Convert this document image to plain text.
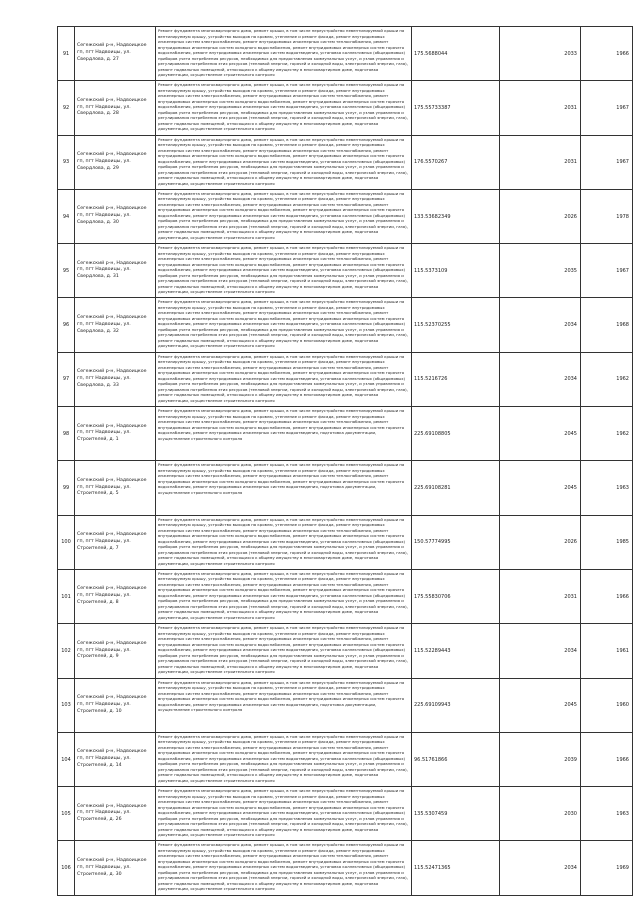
91	Сегежский р-н, Надвоицкое гп, пгт Надвоицы, ул. Свердлова, д. 27	Ремонт фундамента многоквартирного дома, ремонт крыши, в том числе переустройство невентилируемой крыши на вентилируемую крышу, устройство выходов на кровлю, утепление и ремонт фасада, ремонт внутридомовых инженерных систем электроснабжения, ремонт внутридомовых инженерных систем теплоснабжения, ремонт внутридомовых инженерных систем холодного водоснабжения, ремонт внутридомовых инженерных систем горячего водоснабжения, ремонт внутридомовых инженерных систем водоотведения, установка коллективных (общедомовых) приборов учета потребления ресурсов, необходимых для предоставления коммунальных услуг, и узлов управления и регулирования потребления этих ресурсов (тепловой энергии, горячей и холодной воды, электрической энергии, газа), ремонт подвальных помещений, относящихся к общему имуществу в многоквартирном доме, подготовка документации, осуществление строительного контроля	175.5688044	2033	1966
92	Сегежский р-н, Надвоицкое гп, пгт Надвоицы, ул. Свердлова, д. 28	Ремонт фундамента многоквартирного дома, ремонт крыши, в том числе переустройство невентилируемой крыши на вентилируемую крышу, устройство выходов на кровлю, утепление и ремонт фасада, ремонт внутридомовых инженерных систем электроснабжения, ремонт внутридомовых инженерных систем теплоснабжения, ремонт внутридомовых инженерных систем холодного водоснабжения, ремонт внутридомовых инженерных систем горячего водоснабжения, ремонт внутридомовых инженерных систем водоотведения, установка коллективных (общедомовых) приборов учета потребления ресурсов, необходимых для предоставления коммунальных услуг, и узлов управления и регулирования потребления этих ресурсов (тепловой энергии, горячей и холодной воды, электрической энергии, газа), ремонт подвальных помещений, относящихся к общему имуществу в многоквартирном доме, подготовка документации, осуществление строительного контроля	175.55733387	2031	1967
93	Сегежский р-н, Надвоицкое гп, пгт Надвоицы, ул. Свердлова, д. 29	Ремонт фундамента многоквартирного дома, ремонт крыши, в том числе переустройство невентилируемой крыши на вентилируемую крышу, устройство выходов на кровлю, утепление и ремонт фасада, ремонт внутридомовых инженерных систем электроснабжения, ремонт внутридомовых инженерных систем теплоснабжения, ремонт внутридомовых инженерных систем холодного водоснабжения, ремонт внутридомовых инженерных систем горячего водоснабжения, ремонт внутридомовых инженерных систем водоотведения, установка коллективных (общедомовых) приборов учета потребления ресурсов, необходимых для предоставления коммунальных услуг, и узлов управления и регулирования потребления этих ресурсов (тепловой энергии, горячей и холодной воды, электрической энергии, газа), ремонт подвальных помещений, относящихся к общему имуществу в многоквартирном доме, подготовка документации, осуществление строительного контроля	176.5570267	2031	1967
94	Сегежский р-н, Надвоицкое гп, пгт Надвоицы, ул. Свердлова, д. 30	Ремонт фундамента многоквартирного дома, ремонт крыши, в том числе переустройство невентилируемой крыши на вентилируемую крышу, устройство выходов на кровлю, утепление и ремонт фасада, ремонт внутридомовых инженерных систем электроснабжения, ремонт внутридомовых инженерных систем теплоснабжения, ремонт внутридомовых инженерных систем холодного водоснабжения, ремонт внутридомовых инженерных систем горячего водоснабжения, ремонт внутридомовых инженерных систем водоотведения, установка коллективных (общедомовых) приборов учета потребления ресурсов, необходимых для предоставления коммунальных услуг, и узлов управления и регулирования потребления этих ресурсов (тепловой энергии, горячей и холодной воды, электрической энергии, газа), ремонт подвальных помещений, относящихся к общему имуществу в многоквартирном доме, подготовка документации, осуществление строительного контроля	133.53682349	2026	1978
95	Сегежский р-н, Надвоицкое гп, пгт Надвоицы, ул. Свердлова, д. 31	Ремонт фундамента многоквартирного дома, ремонт крыши, в том числе переустройство невентилируемой крыши на вентилируемую крышу, устройство выходов на кровлю, утепление и ремонт фасада, ремонт внутридомовых инженерных систем электроснабжения, ремонт внутридомовых инженерных систем теплоснабжения, ремонт внутридомовых инженерных систем холодного водоснабжения, ремонт внутридомовых инженерных систем горячего водоснабжения, ремонт внутридомовых инженерных систем водоотведения, установка коллективных (общедомовых) приборов учета потребления ресурсов, необходимых для предоставления коммунальных услуг, и узлов управления и регулирования потребления этих ресурсов (тепловой энергии, горячей и холодной воды, электрической энергии, газа), ремонт подвальных помещений, относящихся к общему имуществу в многоквартирном доме, подготовка документации, осуществление строительного контроля	115.5373109	2035	1967
96	Сегежский р-н, Надвоицкое гп, пгт Надвоицы, ул. Свердлова, д. 32	Ремонт фундамента многоквартирного дома, ремонт крыши, в том числе переустройство невентилируемой крыши на вентилируемую крышу, устройство выходов на кровлю, утепление и ремонт фасада, ремонт внутридомовых инженерных систем электроснабжения, ремонт внутридомовых инженерных систем теплоснабжения, ремонт внутридомовых инженерных систем холодного водоснабжения, ремонт внутридомовых инженерных систем горячего водоснабжения, ремонт внутридомовых инженерных систем водоотведения, установка коллективных (общедомовых) приборов учета потребления ресурсов, необходимых для предоставления коммунальных услуг, и узлов управления и регулирования потребления этих ресурсов (тепловой энергии, горячей и холодной воды, электрической энергии, газа), ремонт подвальных помещений, относящихся к общему имуществу в многоквартирном доме, подготовка документации, осуществление строительного контроля	115.52370255	2034	1968
97	Сегежский р-н, Надвоицкое гп, пгт Надвоицы, ул. Свердлова, д. 33	Ремонт фундамента многоквартирного дома, ремонт крыши, в том числе переустройство невентилируемой крыши на вентилируемую крышу, устройство выходов на кровлю, утепление и ремонт фасада, ремонт внутридомовых инженерных систем электроснабжения, ремонт внутридомовых инженерных систем теплоснабжения, ремонт внутридомовых инженерных систем холодного водоснабжения, ремонт внутридомовых инженерных систем горячего водоснабжения, ремонт внутридомовых инженерных систем водоотведения, установка коллективных (общедомовых) приборов учета потребления ресурсов, необходимых для предоставления коммунальных услуг, и узлов управления и регулирования потребления этих ресурсов (тепловой энергии, горячей и холодной воды, электрической энергии, газа), ремонт подвальных помещений, относящихся к общему имуществу в многоквартирном доме, подготовка документации, осуществление строительного контроля	115.5216726	2034	1962
98	Сегежский р-н, Надвоицкое гп, пгт Надвоицы, ул. Строителей, д. 1	Ремонт фундамента многоквартирного дома, ремонт крыши, в том числе переустройство невентилируемой крыши на вентилируемую крышу, устройство выходов на кровлю, утепление и ремонт фасада, ремонт внутридомовых инженерных систем электроснабжения, ремонт внутридомовых инженерных систем теплоснабжения, ремонт внутридомовых инженерных систем холодного водоснабжения, ремонт внутридомовых инженерных систем горячего водоснабжения, ремонт внутридомовых инженерных систем водоотведения, подготовка документации, осуществление строительного контроля	225.69108805	2045	1962
99	Сегежский р-н, Надвоицкое гп, пгт Надвоицы, ул. Строителей, д. 5	Ремонт фундамента многоквартирного дома, ремонт крыши, в том числе переустройство невентилируемой крыши на вентилируемую крышу, устройство выходов на кровлю, утепление и ремонт фасада, ремонт внутридомовых инженерных систем электроснабжения, ремонт внутридомовых инженерных систем теплоснабжения, ремонт внутридомовых инженерных систем холодного водоснабжения, ремонт внутридомовых инженерных систем горячего водоснабжения, ремонт внутридомовых инженерных систем водоотведения, подготовка документации, осуществление строительного контроля	225.69108281	2045	1963
100	Сегежский р-н, Надвоицкое гп, пгт Надвоицы, ул. Строителей, д. 7	Ремонт фундамента многоквартирного дома, ремонт крыши, в том числе переустройство невентилируемой крыши на вентилируемую крышу, устройство выходов на кровлю, утепление и ремонт фасада, ремонт внутридомовых инженерных систем электроснабжения, ремонт внутридомовых инженерных систем теплоснабжения, ремонт внутридомовых инженерных систем холодного водоснабжения, ремонт внутридомовых инженерных систем горячего водоснабжения, ремонт внутридомовых инженерных систем водоотведения, установка коллективных (общедомовых) приборов учета потребления ресурсов, необходимых для предоставления коммунальных услуг, и узлов управления и регулирования потребления этих ресурсов (тепловой энергии, горячей и холодной воды, электрической энергии, газа), ремонт подвальных помещений, относящихся к общему имуществу в многоквартирном доме, подготовка документации, осуществление строительного контроля	150.57774995	2026	1985
101	Сегежский р-н, Надвоицкое гп, пгт Надвоицы, ул. Строителей, д. 8	Ремонт фундамента многоквартирного дома, ремонт крыши, в том числе переустройство невентилируемой крыши на вентилируемую крышу, устройство выходов на кровлю, утепление и ремонт фасада, ремонт внутридомовых инженерных систем электроснабжения, ремонт внутридомовых инженерных систем теплоснабжения, ремонт внутридомовых инженерных систем холодного водоснабжения, ремонт внутридомовых инженерных систем горячего водоснабжения, ремонт внутридомовых инженерных систем водоотведения, установка коллективных (общедомовых) приборов учета потребления ресурсов, необходимых для предоставления коммунальных услуг, и узлов управления и регулирования потребления этих ресурсов (тепловой энергии, горячей и холодной воды, электрической энергии, газа), ремонт подвальных помещений, относящихся к общему имуществу в многоквартирном доме, подготовка документации, осуществление строительного контроля	175.55830706	2031	1966
102	Сегежский р-н, Надвоицкое гп, пгт Надвоицы, ул. Строителей, д. 9	Ремонт фундамента многоквартирного дома, ремонт крыши, в том числе переустройство невентилируемой крыши на вентилируемую крышу, устройство выходов на кровлю, утепление и ремонт фасада, ремонт внутридомовых инженерных систем электроснабжения, ремонт внутридомовых инженерных систем теплоснабжения, ремонт внутридомовых инженерных систем холодного водоснабжения, ремонт внутридомовых инженерных систем горячего водоснабжения, ремонт внутридомовых инженерных систем водоотведения, установка коллективных (общедомовых) приборов учета потребления ресурсов, необходимых для предоставления коммунальных услуг, и узлов управления и регулирования потребления этих ресурсов (тепловой энергии, горячей и холодной воды, электрической энергии, газа), ремонт подвальных помещений, относящихся к общему имуществу в многоквартирном доме, подготовка документации, осуществление строительного контроля	115.52289443	2034	1961
103	Сегежский р-н, Надвоицкое гп, пгт Надвоицы, ул. Строителей, д. 10	Ремонт фундамента многоквартирного дома, ремонт крыши, в том числе переустройство невентилируемой крыши на вентилируемую крышу, устройство выходов на кровлю, утепление и ремонт фасада, ремонт внутридомовых инженерных систем электроснабжения, ремонт внутридомовых инженерных систем теплоснабжения, ремонт внутридомовых инженерных систем холодного водоснабжения, ремонт внутридомовых инженерных систем горячего водоснабжения, ремонт внутридомовых инженерных систем водоотведения, подготовка документации, осуществление строительного контроля	225.69109943	2045	1960
104	Сегежский р-н, Надвоицкое гп, пгт Надвоицы, ул. Строителей, д. 14	Ремонт фундамента многоквартирного дома, ремонт крыши, в том числе переустройство невентилируемой крыши на вентилируемую крышу, устройство выходов на кровлю, утепление и ремонт фасада, ремонт внутридомовых инженерных систем электроснабжения, ремонт внутридомовых инженерных систем теплоснабжения, ремонт внутридомовых инженерных систем холодного водоснабжения, ремонт внутридомовых инженерных систем горячего водоснабжения, ремонт внутридомовых инженерных систем водоотведения, установка коллективных (общедомовых) приборов учета потребления ресурсов, необходимых для предоставления коммунальных услуг, и узлов управления и регулирования потребления этих ресурсов (тепловой энергии, горячей и холодной воды, электрической энергии, газа), ремонт подвальных помещений, относящихся к общему имуществу в многоквартирном доме, подготовка документации, осуществление строительного контроля	96.51761866	2039	1966
105	Сегежский р-н, Надвоицкое гп, пгт Надвоицы, ул. Строителей, д. 26	Ремонт фундамента многоквартирного дома, ремонт крыши, в том числе переустройство невентилируемой крыши на вентилируемую крышу, устройство выходов на кровлю, утепление и ремонт фасада, ремонт внутридомовых инженерных систем электроснабжения, ремонт внутридомовых инженерных систем теплоснабжения, ремонт внутридомовых инженерных систем холодного водоснабжения, ремонт внутридомовых инженерных систем горячего водоснабжения, ремонт внутридомовых инженерных систем водоотведения, установка коллективных (общедомовых) приборов учета потребления ресурсов, необходимых для предоставления коммунальных услуг, и узлов управления и регулирования потребления этих ресурсов (тепловой энергии, горячей и холодной воды, электрической энергии, газа), ремонт подвальных помещений, относящихся к общему имуществу в многоквартирном доме, подготовка документации, осуществление строительного контроля	135.5307459	2030	1963
106	Сегежский р-н, Надвоицкое гп, пгт Надвоицы, ул. Строителей, д. 30	Ремонт фундамента многоквартирного дома, ремонт крыши, в том числе переустройство невентилируемой крыши на вентилируемую крышу, устройство выходов на кровлю, утепление и ремонт фасада, ремонт внутридомовых инженерных систем электроснабжения, ремонт внутридомовых инженерных систем теплоснабжения, ремонт внутридомовых инженерных систем холодного водоснабжения, ремонт внутридомовых инженерных систем горячего водоснабжения, ремонт внутридомовых инженерных систем водоотведения, установка коллективных (общедомовых) приборов учета потребления ресурсов, необходимых для предоставления коммунальных услуг, и узлов управления и регулирования потребления этих ресурсов (тепловой энергии, горячей и холодной воды, электрической энергии, газа), ремонт подвальных помещений, относящихся к общему имуществу в многоквартирном доме, подготовка документации, осуществление строительного контроля	115.52471365	2034	1969
